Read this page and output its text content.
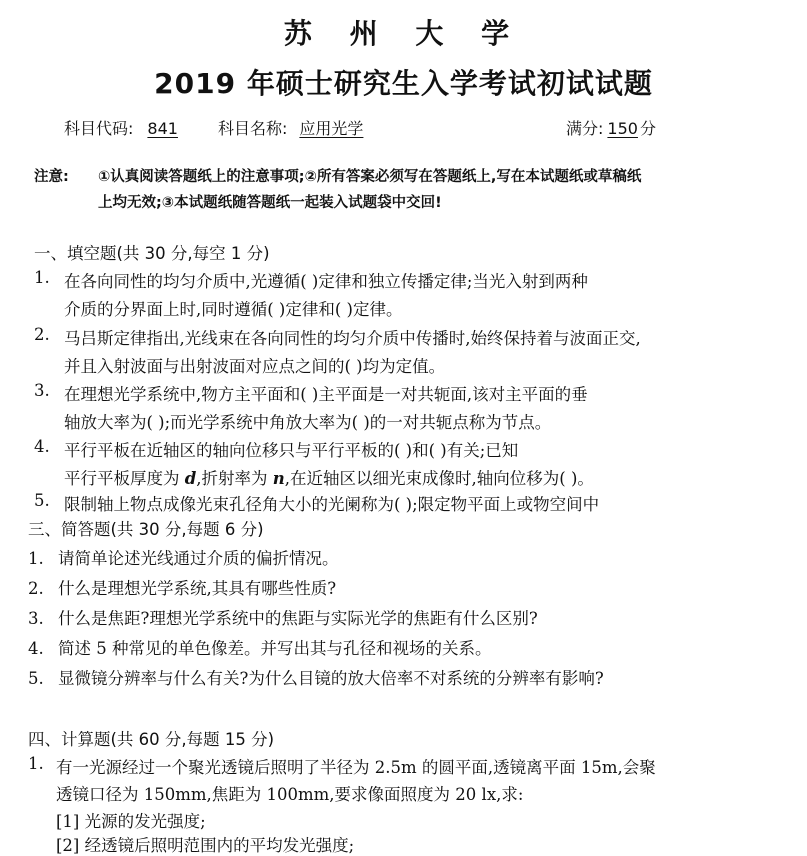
苏 州 大 学
2019 年硕士研究生入学考试初试试题
科目代码: 841	科目名称: 应用光学	满分: 150 分
注意: ①认真阅读答题纸上的注意事项;②所有答案必须写在答题纸上,写在本试题纸或草稿纸
上均无效;③本试题纸随答题纸一起装入试题袋中交回!
一、填空题(共 30 分,每空 1 分)
1. 在各向同性的均匀介质中,光遵循( )定律和独立传播定律;当光入射到两种
介质的分界面上时,同时遵循( )定律和( )定律。
2. 马吕斯定律指出,光线束在各向同性的均匀介质中传播时,始终保持着与波面正交,
并且入射波面与出射波面对应点之间的( )均为定值。
3. 在理想光学系统中,物方主平面和( )主平面是一对共轭面,该对主平面的垂
轴放大率为( );而光学系统中角放大率为( )的一对共轭点称为节点。
4. 平行平板在近轴区的轴向位移只与平行平板的( )和( )有关;已知
平行平板厚度为 d,折射率为 n,在近轴区以细光束成像时,轴向位移为( )。
5. 限制轴上物点成像光束孔径角大小的光阑称为( );限定物平面上或物空间中
三、简答题(共 30 分,每题 6 分)
1. 请简单论述光线通过介质的偏折情况。
2. 什么是理想光学系统,其具有哪些性质?
3. 什么是焦距?理想光学系统中的焦距与实际光学的焦距有什么区别?
4. 简述 5 种常见的单色像差。并写出其与孔径和视场的关系。
5. 显微镜分辨率与什么有关?为什么目镜的放大倍率不对系统的分辨率有影响?
四、计算题(共 60 分,每题 15 分)
1. 有一光源经过一个聚光透镜后照明了半径为 2.5m 的圆平面,透镜离平面 15m,会聚
透镜口径为 150mm,焦距为 100mm,要求像面照度为 20 lx,求:
[1] 光源的发光强度;
[2] 经透镜后照明范围内的平均发光强度;
